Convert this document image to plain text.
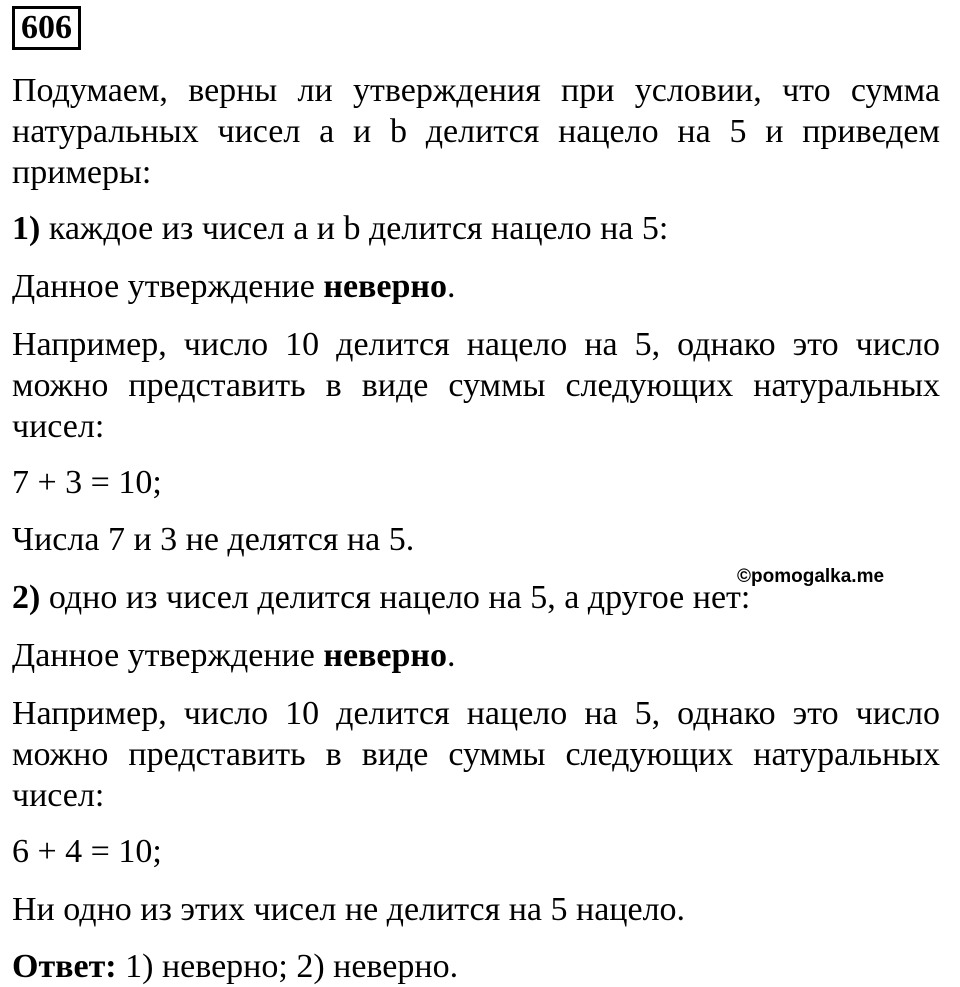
606

Подумаем, верны ли утверждения при условии, что сумма натуральных чисел a и b делится нацело на 5 и приведем примеры:

1) каждое из чисел a и b делится нацело на 5:

Данное утверждение неверно.

Например, число 10 делится нацело на 5, однако это число можно представить в виде суммы следующих натуральных чисел:

7 + 3 = 10;

Числа 7 и 3 не делятся на 5.

2) одно из чисел делится нацело на 5, а другое нет:

©pomogalka.me

Данное утверждение неверно.

Например, число 10 делится нацело на 5, однако это число можно представить в виде суммы следующих натуральных чисел:

6 + 4 = 10;

Ни одно из этих чисел не делится на 5 нацело.

Ответ: 1) неверно; 2) неверно.
